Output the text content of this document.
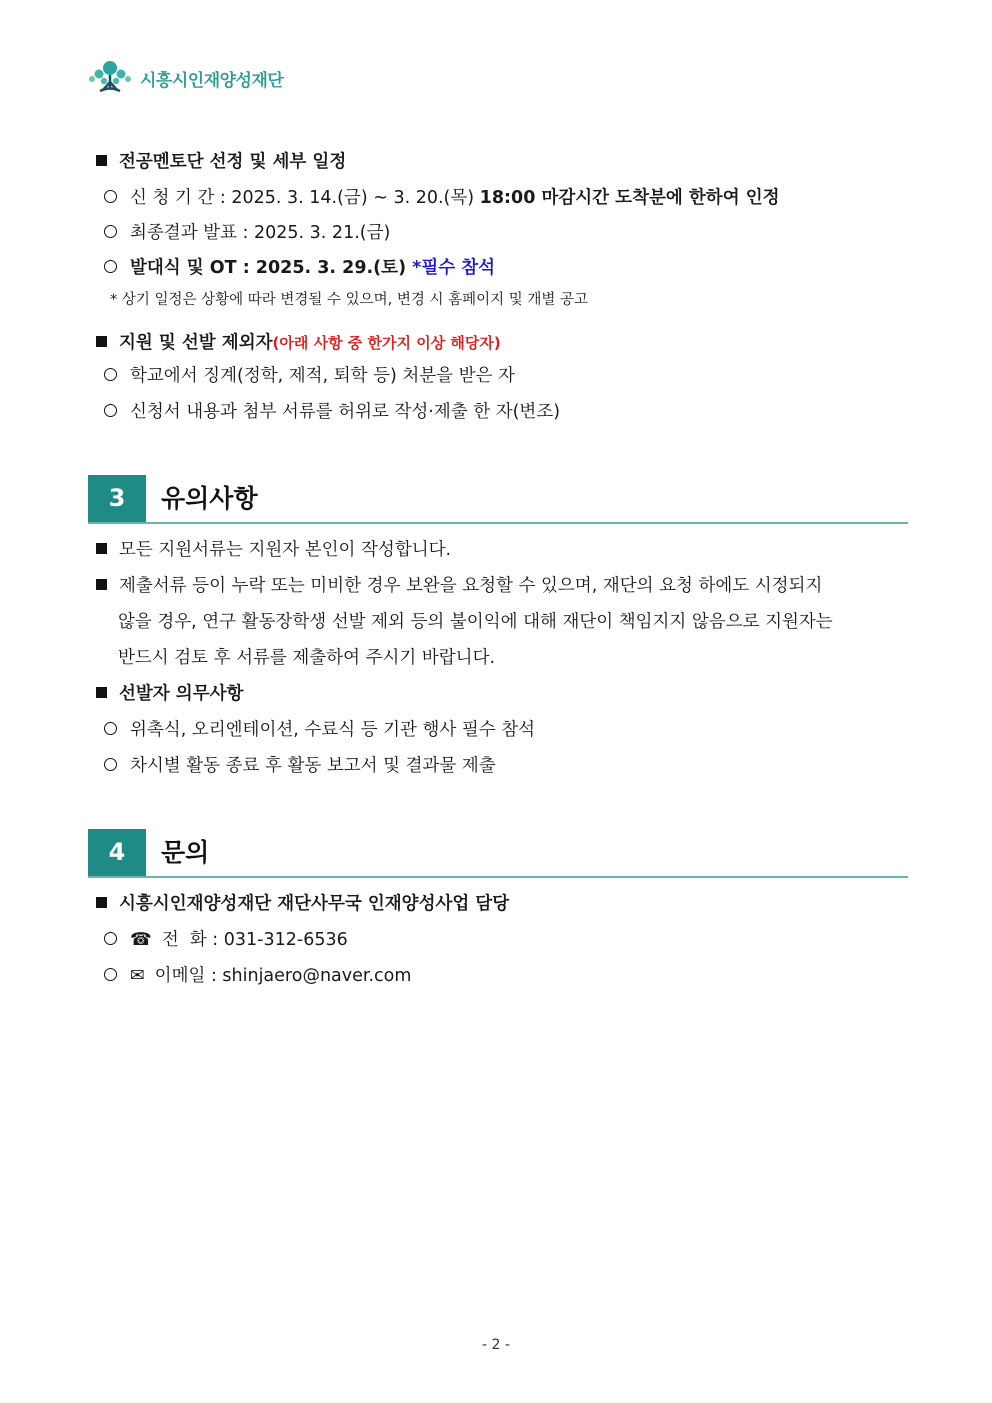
시흥시인재양성재단
전공멘토단 선정 및 세부 일정
신 청 기 간 : 2025. 3. 14.(금) ~ 3. 20.(목) 18:00 마감시간 도착분에 한하여 인정
최종결과 발표 : 2025. 3. 21.(금)
발대식 및 OT : 2025. 3. 29.(토) *필수 참석
* 상기 일정은 상황에 따라 변경될 수 있으며, 변경 시 홈페이지 및 개별 공고
지원 및 선발 제외자(아래 사항 중 한가지 이상 해당자)
학교에서 징계(정학, 제적, 퇴학 등) 처분을 받은 자
신청서 내용과 첨부 서류를 허위로 작성·제출 한 자(변조)
3	유의사항
모든 지원서류는 지원자 본인이 작성합니다.
제출서류 등이 누락 또는 미비한 경우 보완을 요청할 수 있으며, 재단의 요청 하에도 시정되지
않을 경우, 연구 활동장학생 선발 제외 등의 불이익에 대해 재단이 책임지지 않음으로 지원자는
반드시 검토 후 서류를 제출하여 주시기 바랍니다.
선발자 의무사항
위촉식, 오리엔테이션, 수료식 등 기관 행사 필수 참석
차시별 활동 종료 후 활동 보고서 및 결과물 제출
4	문의
시흥시인재양성재단 재단사무국 인재양성사업 담당
☎ 전  화 : 031-312-6536
✉ 이메일 : shinjaero@naver.com
- 2 -
